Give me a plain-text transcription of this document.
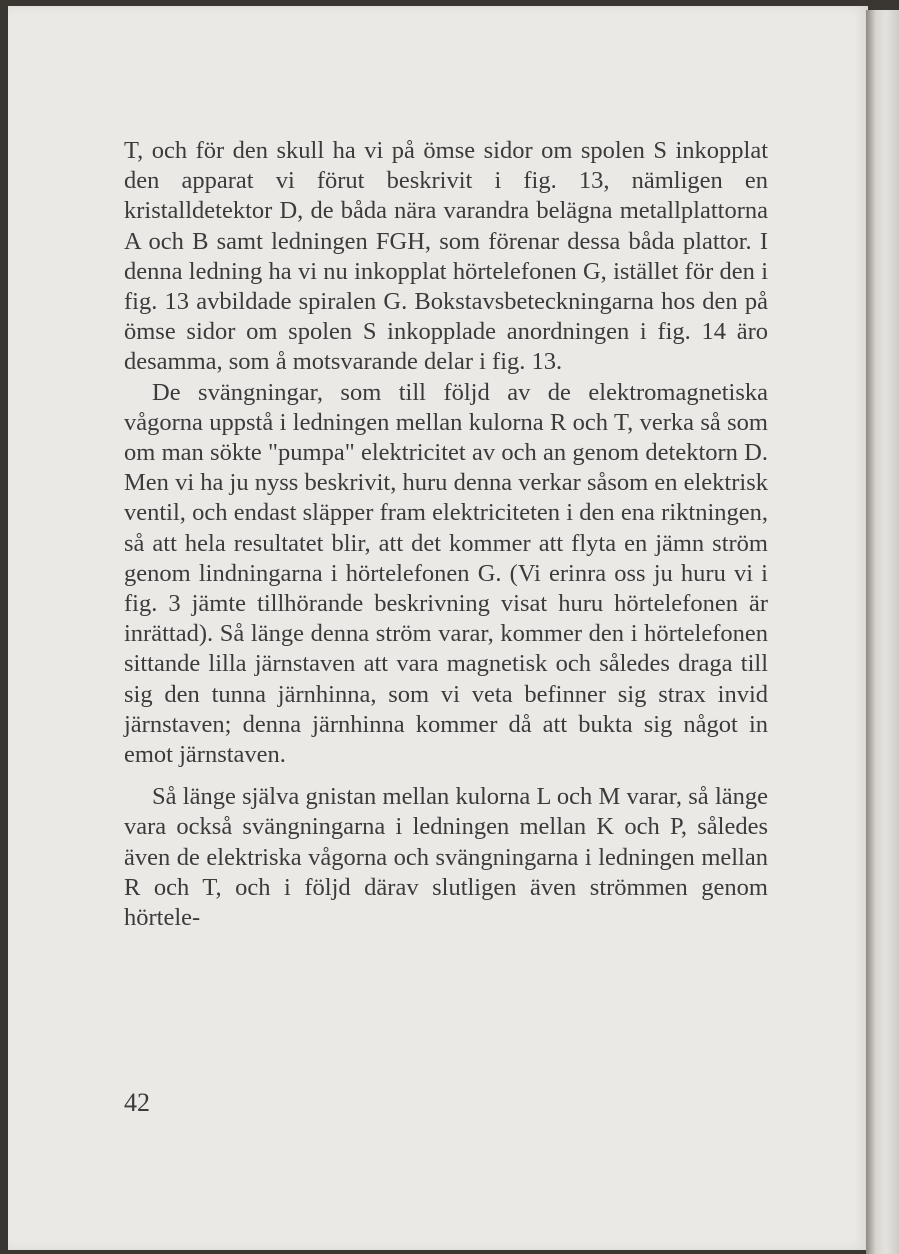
T, och för den skull ha vi på ömse sidor om spolen S inkopplat den apparat vi förut beskrivit i fig. 13, nämligen en kristalldetektor D, de båda nära varandra belägna metallplattorna A och B samt ledningen FGH, som förenar dessa båda plattor. I denna ledning ha vi nu inkopplat hörtelefonen G, istället för den i fig. 13 avbildade spiralen G. Bokstavsbeteckningarna hos den på ömse sidor om spolen S inkopplade anordningen i fig. 14 äro desamma, som å motsvarande delar i fig. 13.

De svängningar, som till följd av de elektromagnetiska vågorna uppstå i ledningen mellan kulorna R och T, verka så som om man sökte "pumpa" elektricitet av och an genom detektorn D. Men vi ha ju nyss beskrivit, huru denna verkar såsom en elektrisk ventil, och endast släpper fram elektriciteten i den ena riktningen, så att hela resultatet blir, att det kommer att flyta en jämn ström genom lindningarna i hörtelefonen G. (Vi erinra oss ju huru vi i fig. 3 jämte tillhörande beskrivning visat huru hörtelefonen är inrättad). Så länge denna ström varar, kommer den i hörtelefonen sittande lilla järnstaven att vara magnetisk och således draga till sig den tunna järnhinna, som vi veta befinner sig strax invid järnstaven; denna järnhinna kommer då att bukta sig något in emot järnstaven.

Så länge själva gnistan mellan kulorna L och M varar, så länge vara också svängningarna i ledningen mellan K och P, således även de elektriska vågorna och svängningarna i ledningen mellan R och T, och i följd därav slutligen även strömmen genom hörtele-

42
